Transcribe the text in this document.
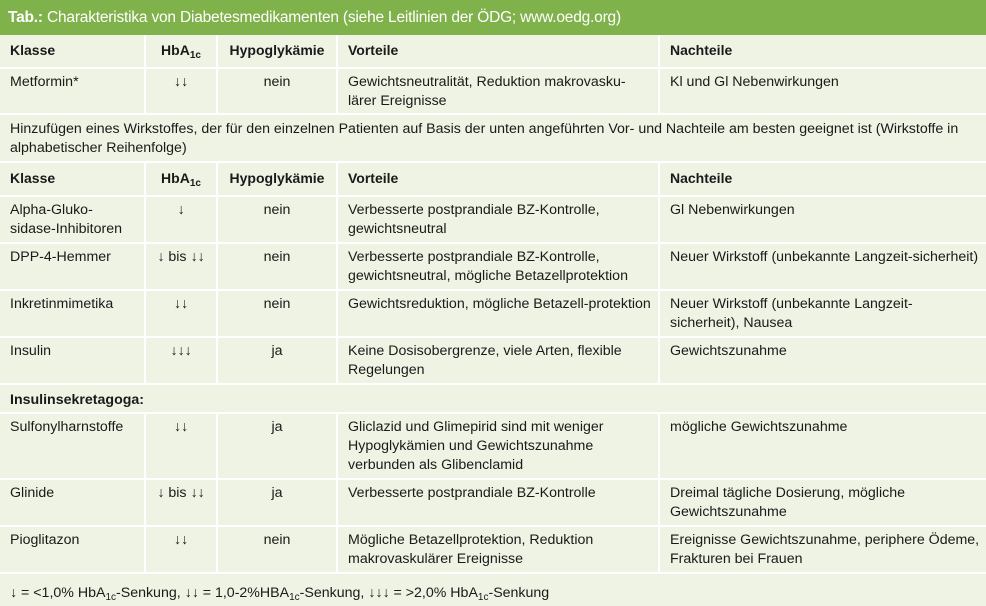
Tab.: Charakteristika von Diabetesmedikamenten (siehe Leitlinien der ÖDG; www.oedg.org)
Klasse	HbA$_{1c}$	Hypoglykämie	Vorteile	Nachteile
Metformin*	↓↓	nein	Gewichtsneutralität, Reduktion makrovasku-lärer Ereignisse	Kl und Gl Nebenwirkungen
Hinzufügen eines Wirkstoffes, der für den einzelnen Patienten auf Basis der unten angeführten Vor- und Nachteile am besten geeignet ist (Wirkstoffe in alphabetischer Reihenfolge)				
Klasse	HbA$_{1c}$	Hypoglykämie	Vorteile	Nachteile
Alpha-Gluko-sidase-Inhibitoren	↓	nein	Verbesserte postprandiale BZ-Kontrolle, gewichtsneutral	Gl Nebenwirkungen
DPP-4-Hemmer	↓ bis ↓↓	nein	Verbesserte postprandiale BZ-Kontrolle, gewichtsneutral, mögliche Betazellprotektion	Neuer Wirkstoff (unbekannte Langzeit-sicherheit)
Inkretinmimetika	↓↓	nein	Gewichtsreduktion, mögliche Betazell-protektion	Neuer Wirkstoff (unbekannte Langzeit-sicherheit), Nausea
Insulin	↓↓↓	ja	Keine Dosisobergrenze, viele Arten, flexible Regelungen	Gewichtszunahme
Insulinsekretagoga:				
Sulfonylharnstoffe	↓↓	ja	Gliclazid und Glimepirid sind mit weniger Hypoglykämien und Gewichtszunahme verbunden als Glibenclamid	mögliche Gewichtszunahme
Glinide	↓ bis ↓↓	ja	Verbesserte postprandiale BZ-Kontrolle	Dreimal tägliche Dosierung, mögliche Gewichtszunahme
Pioglitazon	↓↓	nein	Mögliche Betazellprotektion, Reduktion makrovaskulärer Ereignisse	Ereignisse Gewichtszunahme, periphere Ödeme, Frakturen bei Frauen
↓ = <1,0% HbA$_{1c}$-Senkung, ↓↓ = $1,0-2\%HBA_{1c}$-Senkung, ↓↓↓ = >2,0% HbA$_{1c}$-Senkung				
